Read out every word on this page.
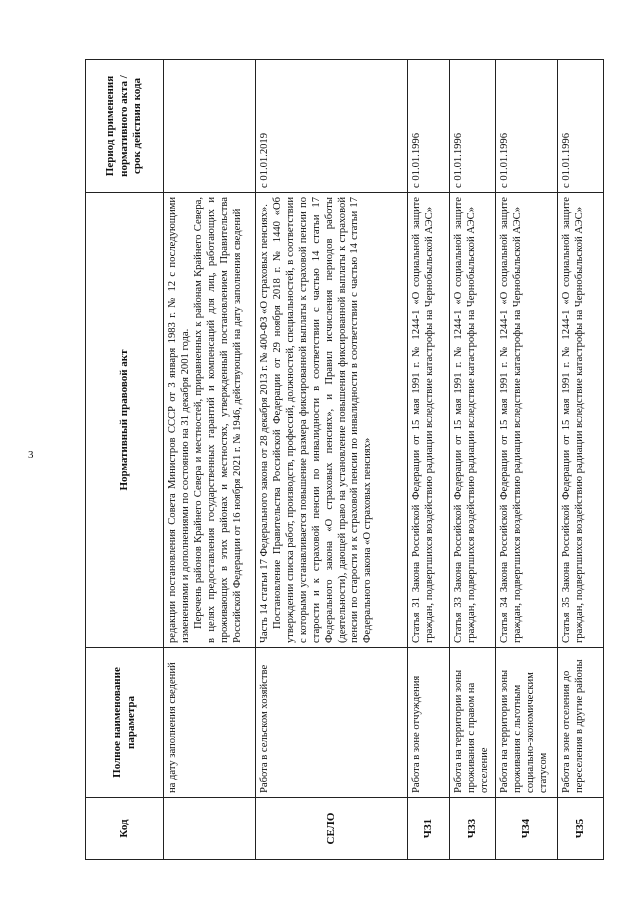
3
Код	Полное наименование параметра	Нормативный правовой акт	Период применения нормативного акта / срок действия кода
	на дату заполнения сведений	редакции постановления Совета Министров СССР от 3 января 1983 г. № 12 с последующими изменениями и дополнениями по состоянию на 31 декабря 2001 года. Перечень районов Крайнего Севера и местностей, приравненных к районам Крайнего Севера, в целях предоставления государственных гарантий и компенсаций для лиц, работающих и проживающих в этих районах и местностях, утвержденный постановлением Правительства Российской Федерации от 16 ноября 2021 г. № 1946, действующий на дату заполнения сведений	

СЕЛО	Работа в сельском хозяйстве	Часть 14 статьи 17 Федерального закона от 28 декабря 2013 г. № 400-ФЗ «О страховых пенсиях». Постановление Правительства Российской Федерации от 29 ноября 2018 г. № 1440 «Об утверждении списка работ, производств, профессий, должностей, специальностей, в соответствии с которыми устанавливается повышение размера фиксированной выплаты к страховой пенсии по старости и к страховой пенсии по инвалидности в соответствии с частью 14 статьи 17 Федерального закона «О страховых пенсиях», и Правил исчисления периодов работы (деятельности), дающей право на установление повышения фиксированной выплаты к страховой пенсии по старости и к страховой пенсии по инвалидности в соответствии с частью 14 статьи 17 Федерального закона «О страховых пенсиях»	с 01.01.2019
ЧЗ1	Работа в зоне отчуждения	Статья 31 Закона Российской Федерации от 15 мая 1991 г. № 1244-1 «О социальной защите граждан, подвергшихся воздействию радиации вследствие катастрофы на Чернобыльской АЭС»	с 01.01.1996
ЧЗ3	Работа на территории зоны проживания с правом на отселение	Статья 33 Закона Российской Федерации от 15 мая 1991 г. № 1244-1 «О социальной защите граждан, подвергшихся воздействию радиации вследствие катастрофы на Чернобыльской АЭС»	с 01.01.1996
ЧЗ4	Работа на территории зоны проживания с льготным социально-экономическим статусом	Статья 34 Закона Российской Федерации от 15 мая 1991 г. № 1244-1 «О социальной защите граждан, подвергшихся воздействию радиации вследствие катастрофы на Чернобыльской АЭС»	с 01.01.1996
ЧЗ5	Работа в зоне отселения до переселения в другие районы	Статья 35 Закона Российской Федерации от 15 мая 1991 г. № 1244-1 «О социальной защите граждан, подвергшихся воздействию радиации вследствие катастрофы на Чернобыльской АЭС»	с 01.01.1996
